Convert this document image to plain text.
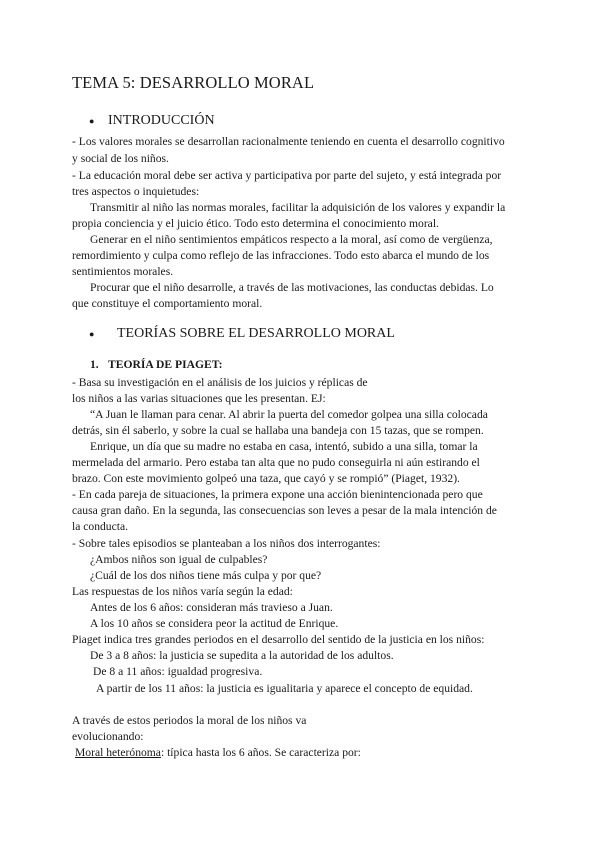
TEMA 5: DESARROLLO MORAL
● INTRODUCCIÓN
- Los valores morales se desarrollan racionalmente teniendo en cuenta el desarrollo cognitivo
y social de los niños.
- La educación moral debe ser activa y participativa por parte del sujeto, y está integrada por
tres aspectos o inquietudes:
Transmitir al niño las normas morales, facilitar la adquisición de los valores y expandir la
propia conciencia y el juicio ético. Todo esto determina el conocimiento moral.
Generar en el niño sentimientos empáticos respecto a la moral, así como de vergüenza,
remordimiento y culpa como reflejo de las infracciones. Todo esto abarca el mundo de los
sentimientos morales.
Procurar que el niño desarrolle, a través de las motivaciones, las conductas debidas. Lo
que constituye el comportamiento moral.
● TEORÍAS SOBRE EL DESARROLLO MORAL
1. TEORÍA DE PIAGET:
- Basa su investigación en el análisis de los juicios y réplicas de
los niños a las varias situaciones que les presentan. EJ:
“A Juan le llaman para cenar. Al abrir la puerta del comedor golpea una silla colocada
detrás, sin él saberlo, y sobre la cual se hallaba una bandeja con 15 tazas, que se rompen.
Enrique, un día que su madre no estaba en casa, intentó, subido a una silla, tomar la
mermelada del armario. Pero estaba tan alta que no pudo conseguirla ni aún estirando el
brazo. Con este movimiento golpeó una taza, que cayó y se rompió” (Piaget, 1932).
- En cada pareja de situaciones, la primera expone una acción bienintencionada pero que
causa gran daño. En la segunda, las consecuencias son leves a pesar de la mala intención de
la conducta.
- Sobre tales episodios se planteaban a los niños dos interrogantes:
¿Ambos niños son igual de culpables?
¿Cuál de los dos niños tiene más culpa y por que?
Las respuestas de los niños varía según la edad:
Antes de los 6 años: consideran más travieso a Juan.
A los 10 años se considera peor la actitud de Enrique.
Piaget indica tres grandes periodos en el desarrollo del sentido de la justicia en los niños:
De 3 a 8 años: la justicia se supedita a la autoridad de los adultos.
De 8 a 11 años: igualdad progresiva.
A partir de los 11 años: la justicia es igualitaria y aparece el concepto de equidad.
A través de estos periodos la moral de los niños va
evolucionando:
Moral heterónoma: típica hasta los 6 años. Se caracteriza por:
